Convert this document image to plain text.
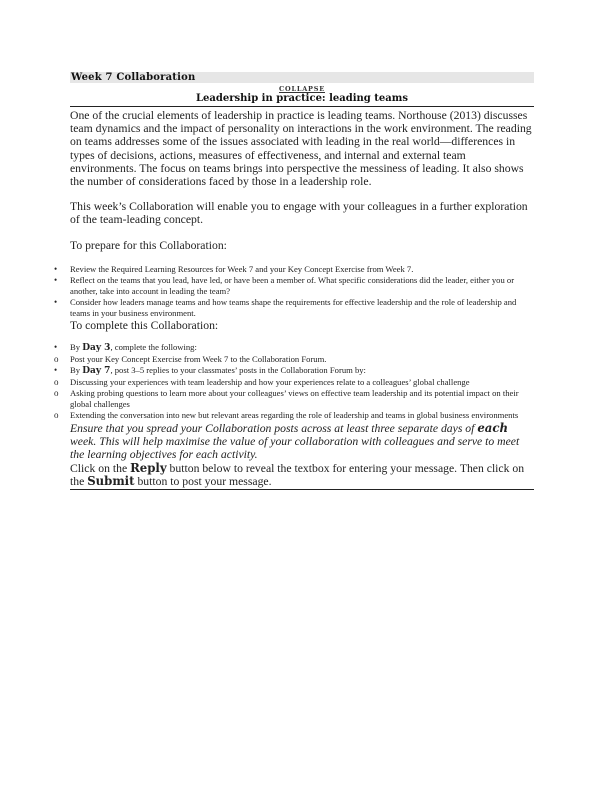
Week 7 Collaboration
COLLAPSE
Leadership in practice: leading teams

One of the crucial elements of leadership in practice is leading teams. Northouse (2013) discusses team dynamics and the impact of personality on interactions in the work environment. The reading on teams addresses some of the issues associated with leading in the real world—differences in types of decisions, actions, measures of effectiveness, and internal and external team environments. The focus on teams brings into perspective the messiness of leading. It also shows the number of considerations faced by those in a leadership role.

This week’s Collaboration will enable you to engage with your colleagues in a further exploration of the team-leading concept.

To prepare for this Collaboration:

• Review the Required Learning Resources for Week 7 and your Key Concept Exercise from Week 7.
• Reflect on the teams that you lead, have led, or have been a member of. What specific considerations did the leader, either you or another, take into account in leading the team?
• Consider how leaders manage teams and how teams shape the requirements for effective leadership and the role of leadership and teams in your business environment.

To complete this Collaboration:

• By Day 3, complete the following:
o Post your Key Concept Exercise from Week 7 to the Collaboration Forum.
• By Day 7, post 3–5 replies to your classmates’ posts in the Collaboration Forum by:
o Discussing your experiences with team leadership and how your experiences relate to a colleagues’ global challenge
o Asking probing questions to learn more about your colleagues’ views on effective team leadership and its potential impact on their global challenges
o Extending the conversation into new but relevant areas regarding the role of leadership and teams in global business environments

Ensure that you spread your Collaboration posts across at least three separate days of each week. This will help maximise the value of your collaboration with colleagues and serve to meet the learning objectives for each activity.

Click on the Reply button below to reveal the textbox for entering your message. Then click on the Submit button to post your message.
